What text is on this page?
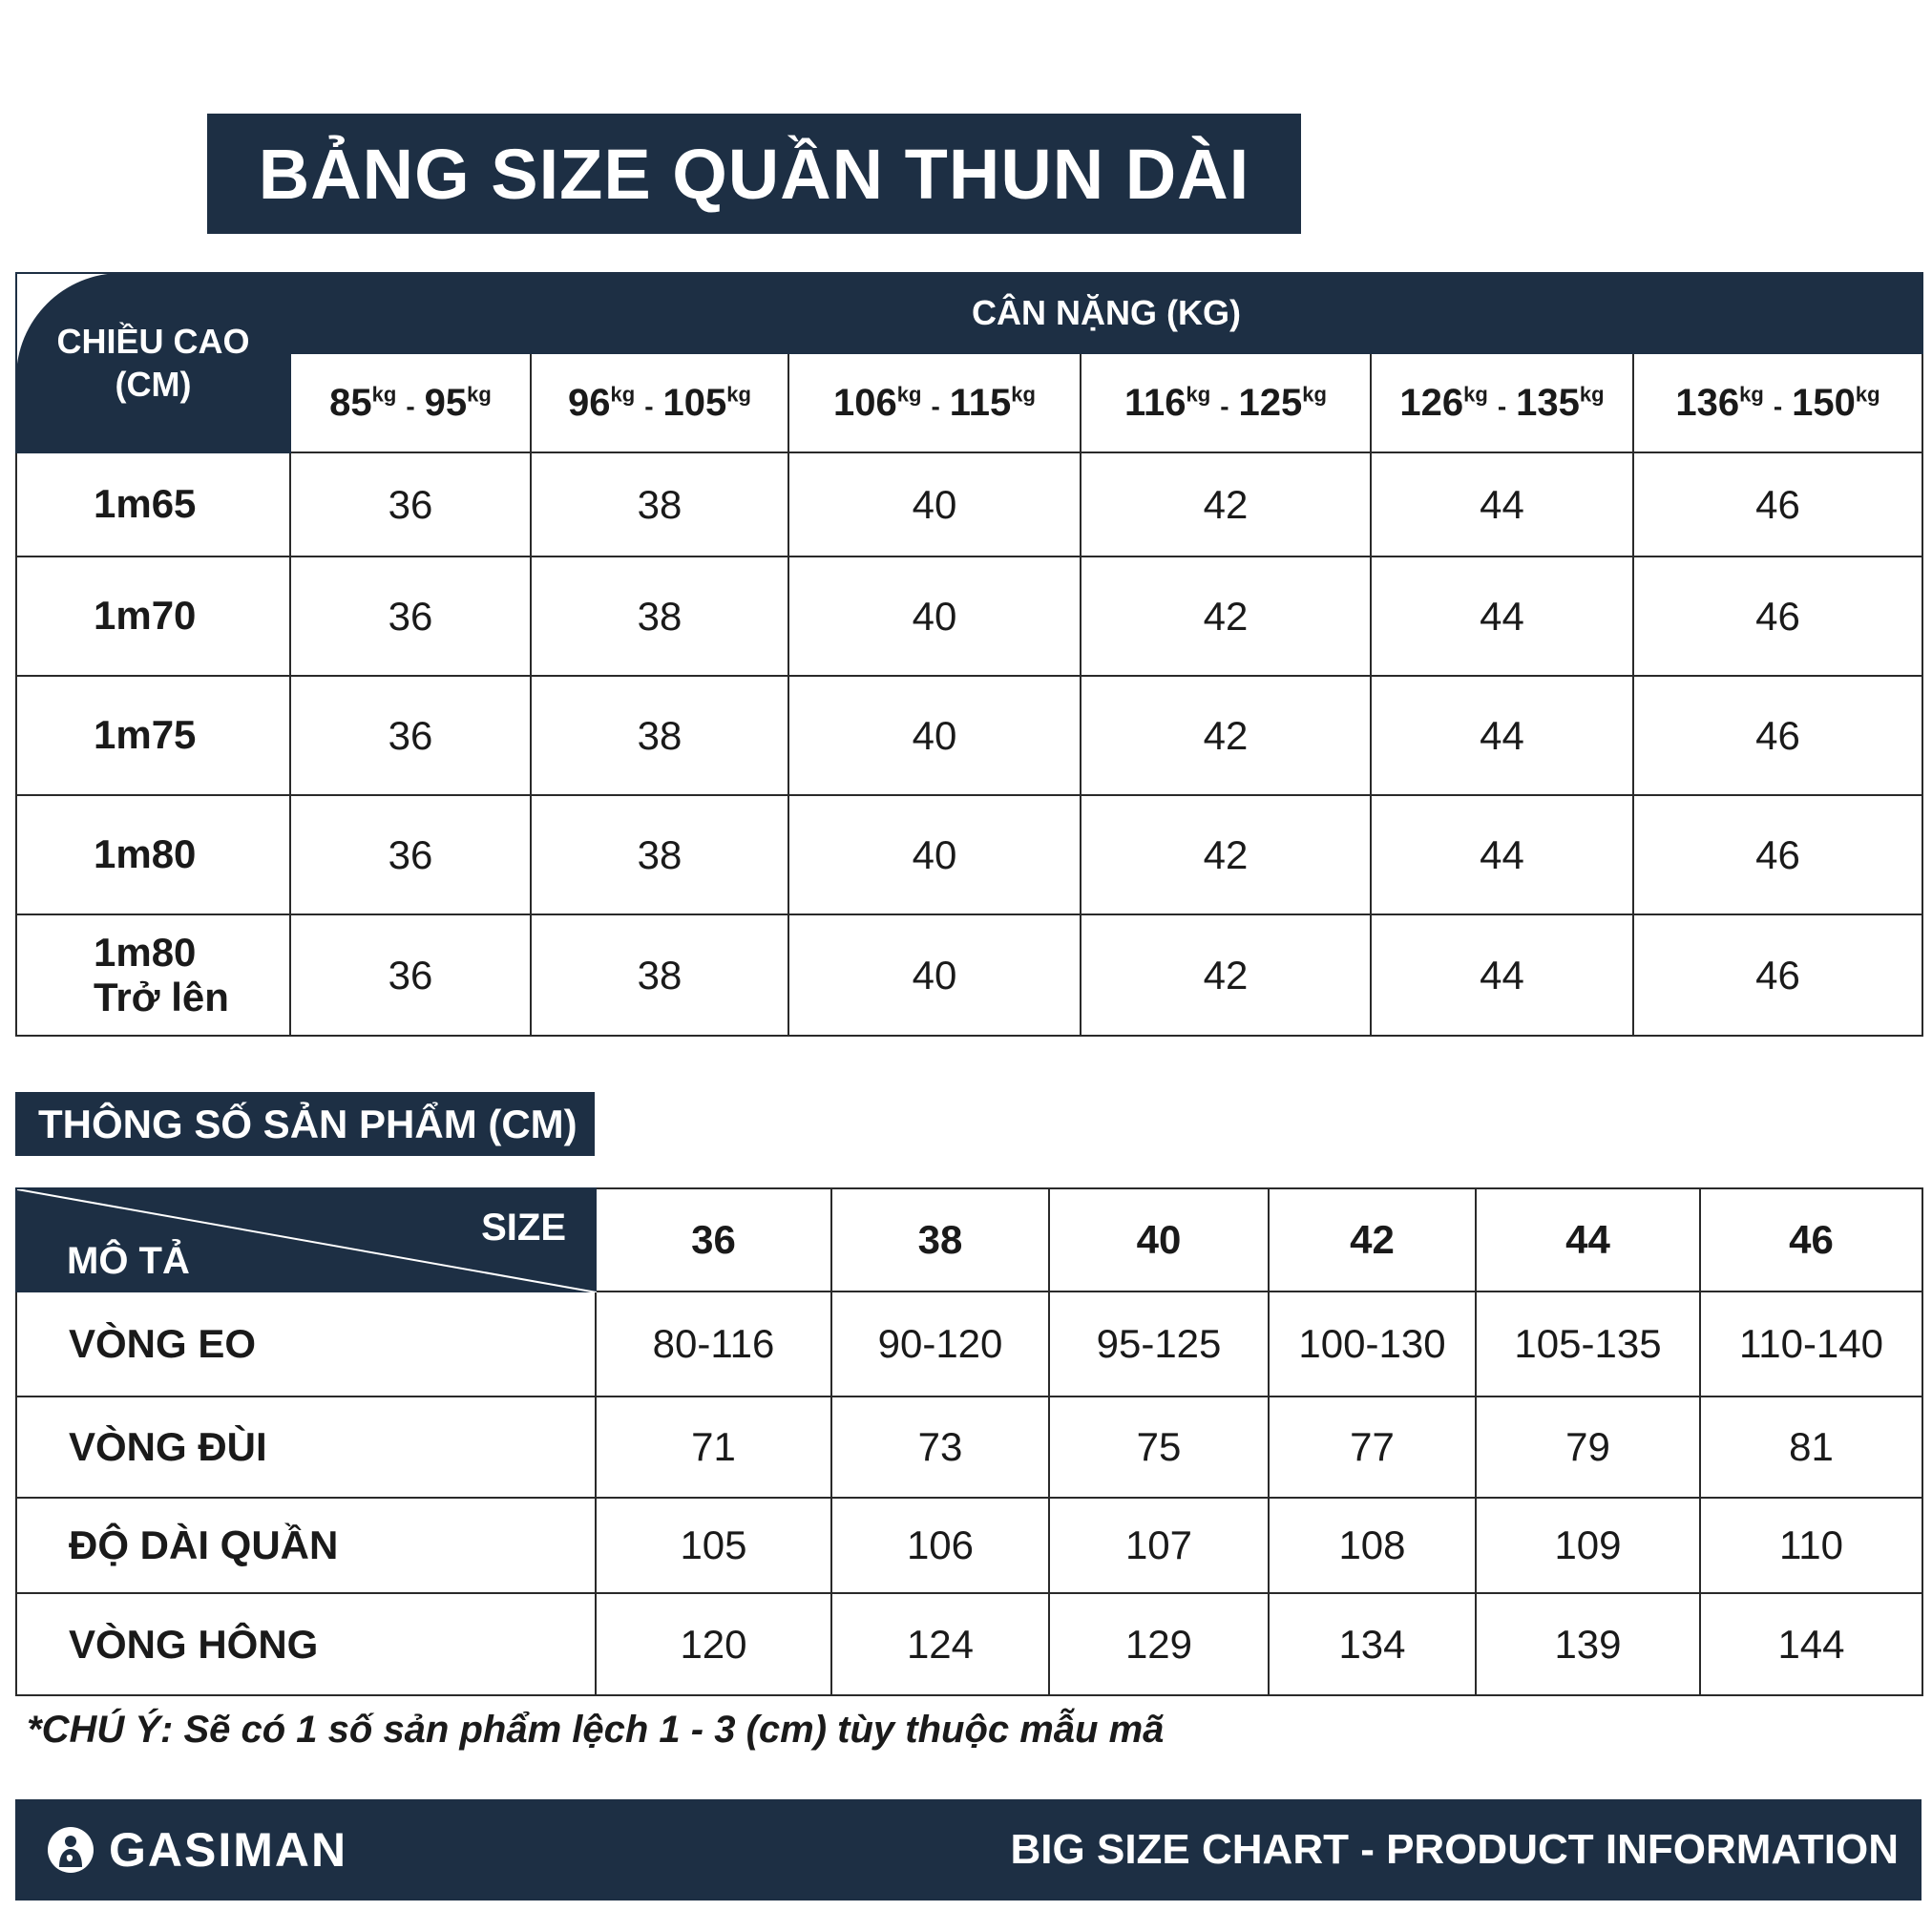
BẢNG SIZE QUẦN THUN DÀI
CHIỀU CAO (CM)	CÂN NẶNG (KG)					
	$85^{kg} - 95^{kg}$	$96^{kg} - 105^{kg}$	$106^{kg} - 115^{kg}$	$116^{kg} - 125^{kg}$	$126^{kg} - 135^{kg}$	$136^{kg} - 150^{kg}$

1m65	36	38	40	42	44	46

1m70	36	38	40	42	44	46

1m75	36	38	40	42	44	46

1m80	36	38	40	42	44	46

1m80
Trở lên	36	38	40	42	44	46
THÔNG SỐ SẢN PHẨM (CM)
SIZE
MÔ TẢ	36	38	40	42	44	46
VÒNG EO	80-116	90-120	95-125	100-130	105-135	110-140
VÒNG ĐÙI	71	73	75	77	79	81
ĐỘ DÀI QUẦN	105	106	107	108	109	110
VÒNG HÔNG	120	124	129	134	139	144
*CHÚ Ý: Sẽ có 1 số sản phẩm lệch 1 - 3 (cm) tùy thuộc mẫu mã
GASIMAN	BIG SIZE CHART - PRODUCT INFORMATION
